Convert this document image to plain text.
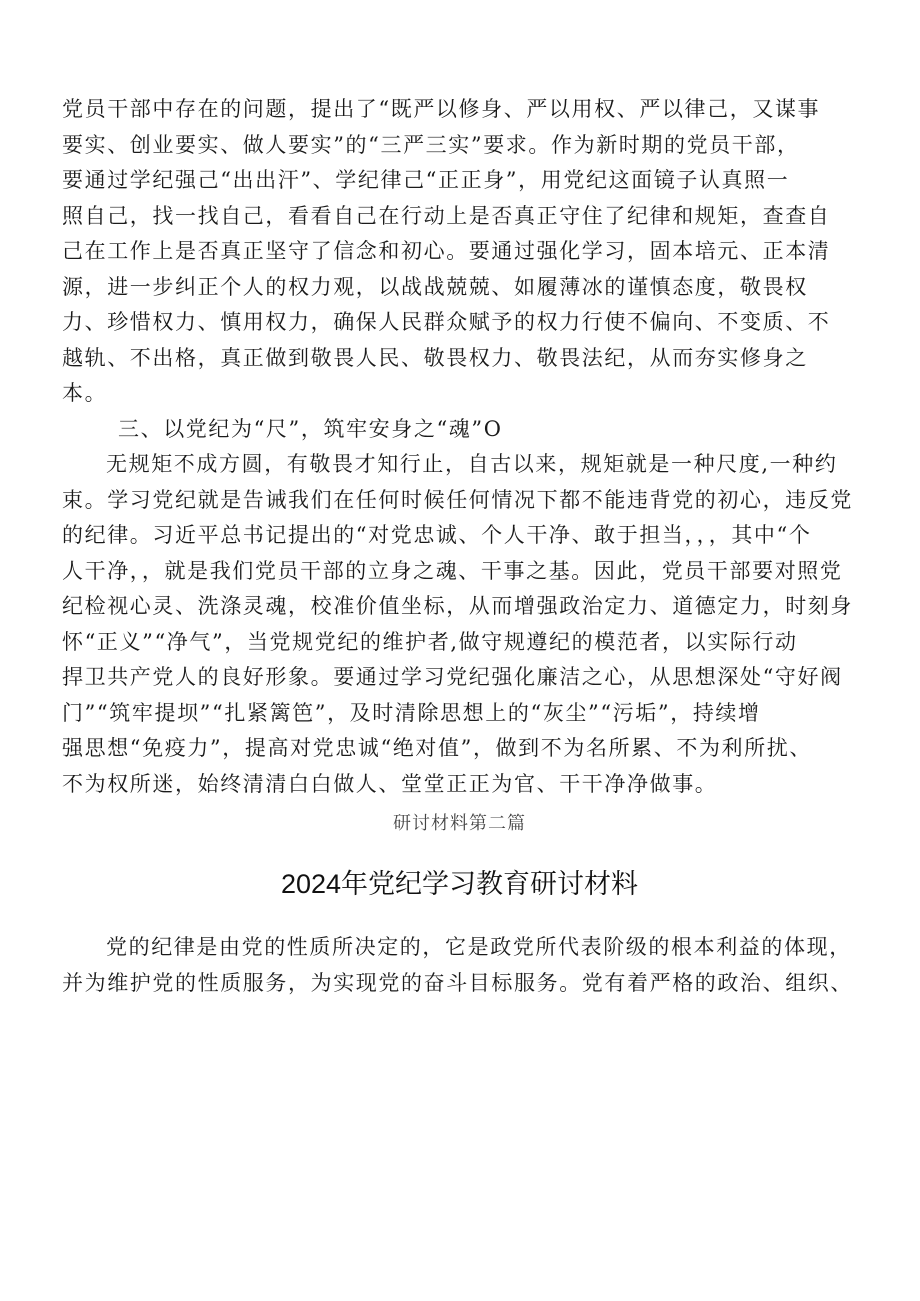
党员干部中存在的问题，提出了“既严以修身、严以用权、严以律己，又谋事
要实、创业要实、做人要实”的“三严三实”要求。作为新时期的党员干部，
要通过学纪强己“出出汗”、学纪律己“正正身”，用党纪这面镜子认真照一
照自己，找一找自己，看看自己在行动上是否真正守住了纪律和规矩，查查自
己在工作上是否真正坚守了信念和初心。要通过强化学习，固本培元、正本清
源，进一步纠正个人的权力观，以战战兢兢、如履薄冰的谨慎态度，敬畏权
力、珍惜权力、慎用权力，确保人民群众赋予的权力行使不偏向、不变质、不
越轨、不出格，真正做到敬畏人民、敬畏权力、敬畏法纪，从而夯实修身之
本。
三、以党纪为“尺”，筑牢安身之“魂”O
无规矩不成方圆，有敬畏才知行止，自古以来，规矩就是一种尺度,一种约
束。学习党纪就是告诫我们在任何时候任何情况下都不能违背党的初心，违反党
的纪律。习近平总书记提出的“对党忠诚、个人干净、敢于担当，，，其中“个
人干净，，就是我们党员干部的立身之魂、干事之基。因此，党员干部要对照党
纪检视心灵、洗涤灵魂，校准价值坐标，从而增强政治定力、道德定力，时刻身
怀“正义”“净气”，当党规党纪的维护者,做守规遵纪的模范者，以实际行动
捍卫共产党人的良好形象。要通过学习党纪强化廉洁之心，从思想深处“守好阀
门”“筑牢提坝”“扎紧篱笆”，及时清除思想上的“灰尘”“污垢”，持续增
强思想“免疫力”，提高对党忠诚“绝对值”，做到不为名所累、不为利所扰、
不为权所迷，始终清清白白做人、堂堂正正为官、干干净净做事。
研讨材料第二篇
2024年党纪学习教育研讨材料
党的纪律是由党的性质所决定的，它是政党所代表阶级的根本利益的体现，
并为维护党的性质服务，为实现党的奋斗目标服务。党有着严格的政治、组织、
